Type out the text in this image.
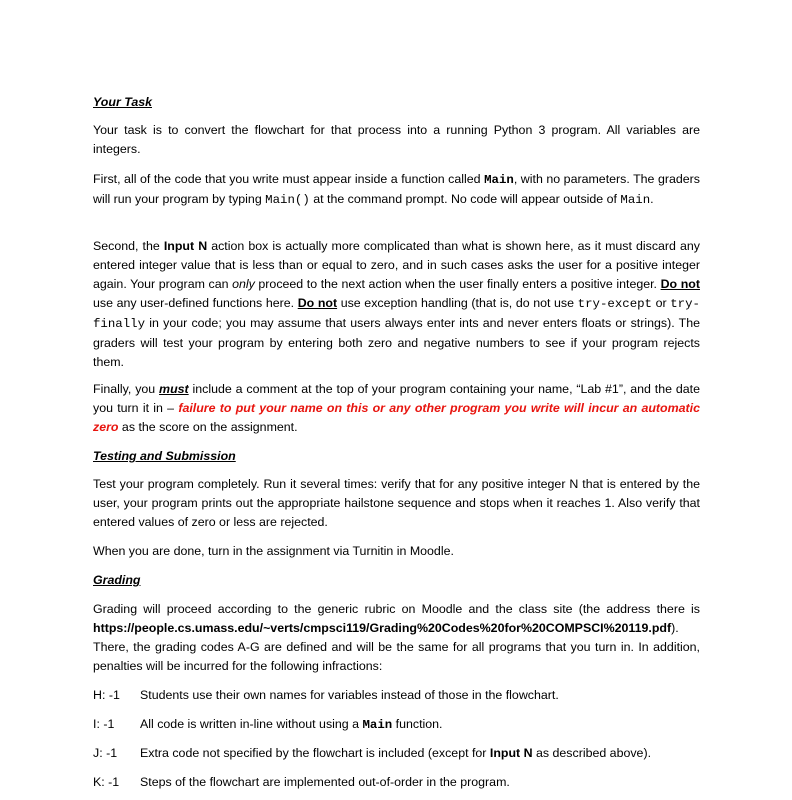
Your Task
Your task is to convert the flowchart for that process into a running Python 3 program. All variables are integers.
First, all of the code that you write must appear inside a function called Main, with no parameters. The graders will run your program by typing Main() at the command prompt. No code will appear outside of Main.
Second, the Input N action box is actually more complicated than what is shown here, as it must discard any entered integer value that is less than or equal to zero, and in such cases asks the user for a positive integer again. Your program can only proceed to the next action when the user finally enters a positive integer. Do not use any user-defined functions here. Do not use exception handling (that is, do not use try-except or try-finally in your code; you may assume that users always enter ints and never enters floats or strings). The graders will test your program by entering both zero and negative numbers to see if your program rejects them.
Finally, you must include a comment at the top of your program containing your name, “Lab #1”, and the date you turn it in – failure to put your name on this or any other program you write will incur an automatic zero as the score on the assignment.
Testing and Submission
Test your program completely. Run it several times: verify that for any positive integer N that is entered by the user, your program prints out the appropriate hailstone sequence and stops when it reaches 1. Also verify that entered values of zero or less are rejected.
When you are done, turn in the assignment via Turnitin in Moodle.
Grading
Grading will proceed according to the generic rubric on Moodle and the class site (the address there is https://people.cs.umass.edu/~verts/cmpsci119/Grading%20Codes%20for%20COMPSCI%20119.pdf). There, the grading codes A-G are defined and will be the same for all programs that you turn in. In addition, penalties will be incurred for the following infractions:
H: -1 Students use their own names for variables instead of those in the flowchart.
I: -1 All code is written in-line without using a Main function.
J: -1 Extra code not specified by the flowchart is included (except for Input N as described above).
K: -1 Steps of the flowchart are implemented out-of-order in the program.
